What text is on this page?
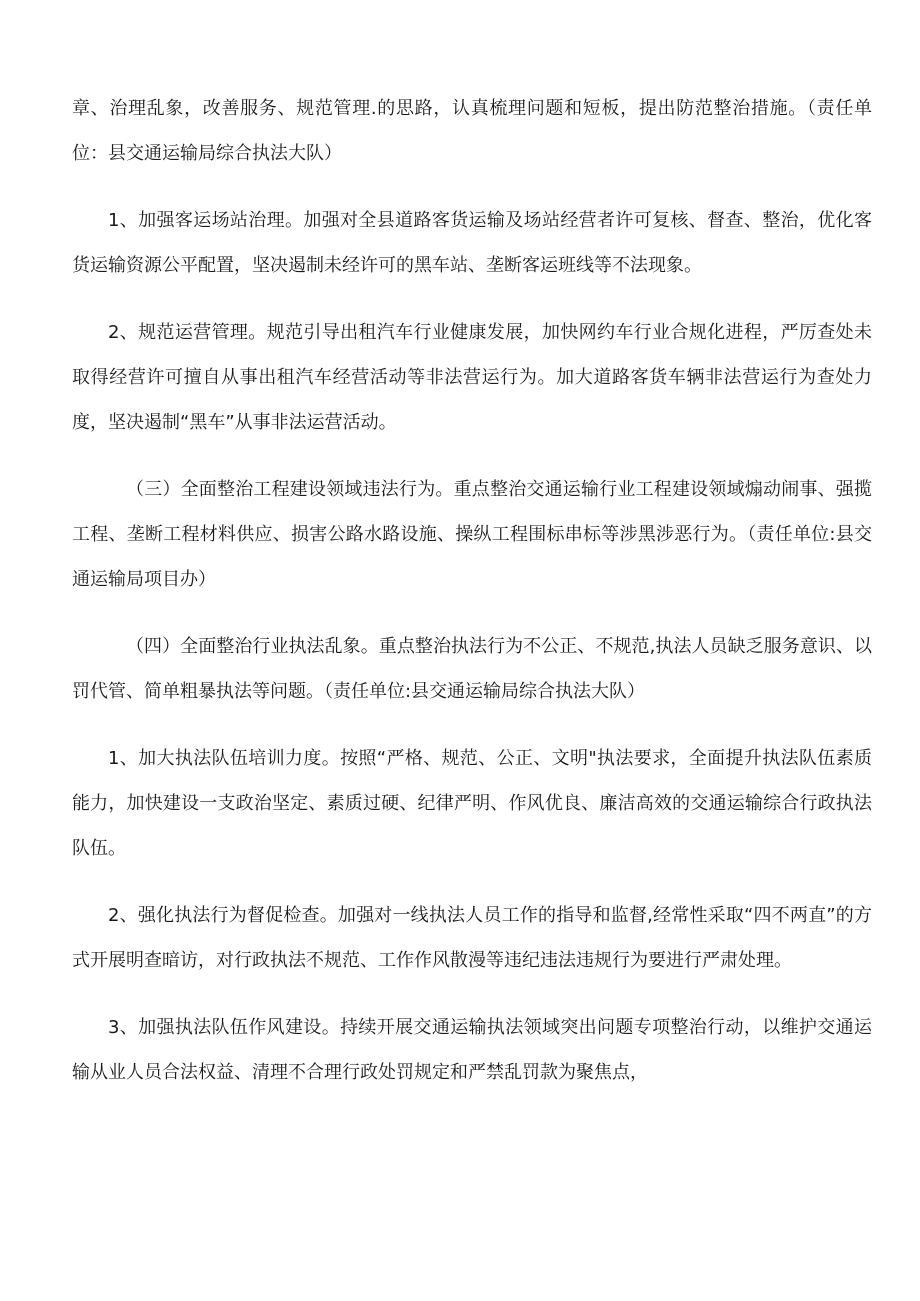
章、治理乱象，改善服务、规范管理.的思路，认真梳理问题和短板，提出防范整治措施。（责任单位：县交通运输局综合执法大队）

1、加强客运场站治理。加强对全县道路客货运输及场站经营者许可复核、督查、整治，优化客货运输资源公平配置，坚决遏制未经许可的黑车站、垄断客运班线等不法现象。

2、规范运营管理。规范引导出租汽车行业健康发展，加快网约车行业合规化进程，严厉查处未取得经营许可擅自从事出租汽车经营活动等非法营运行为。加大道路客货车辆非法营运行为查处力度，坚决遏制“黑车”从事非法运营活动。

（三）全面整治工程建设领域违法行为。重点整治交通运输行业工程建设领域煽动闹事、强揽工程、垄断工程材料供应、损害公路水路设施、操纵工程围标串标等涉黑涉恶行为。（责任单位:县交通运输局项目办）

（四）全面整治行业执法乱象。重点整治执法行为不公正、不规范,执法人员缺乏服务意识、以罚代管、简单粗暴执法等问题。（责任单位:县交通运输局综合执法大队）

1、加大执法队伍培训力度。按照“严格、规范、公正、文明"执法要求，全面提升执法队伍素质能力，加快建设一支政治坚定、素质过硬、纪律严明、作风优良、廉洁高效的交通运输综合行政执法队伍。

2、强化执法行为督促检查。加强对一线执法人员工作的指导和监督,经常性采取“四不两直”的方式开展明查暗访，对行政执法不规范、工作作风散漫等违纪违法违规行为要进行严肃处理。

3、加强执法队伍作风建设。持续开展交通运输执法领域突出问题专项整治行动，以维护交通运输从业人员合法权益、清理不合理行政处罚规定和严禁乱罚款为聚焦点，
